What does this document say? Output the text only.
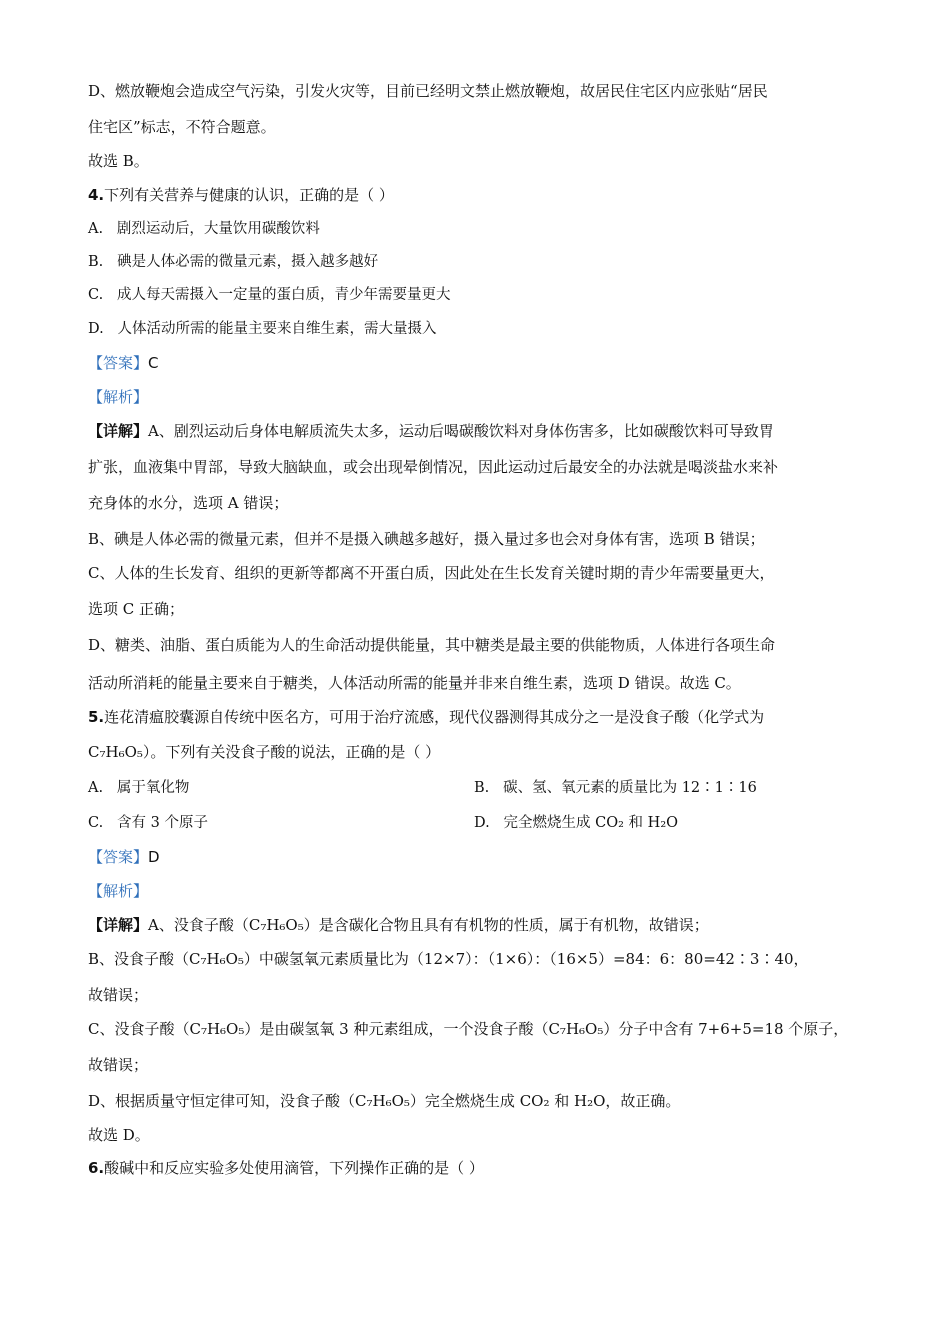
D、燃放鞭炮会造成空气污染，引发火灾等，目前已经明文禁止燃放鞭炮，故居民住宅区内应张贴“居民
住宅区”标志，不符合题意。
故选 B。
4.下列有关营养与健康的认识，正确的是（ ）
A. 剧烈运动后，大量饮用碳酸饮料
B. 碘是人体必需的微量元素，摄入越多越好
C. 成人每天需摄入一定量的蛋白质，青少年需要量更大
D. 人体活动所需的能量主要来自维生素，需大量摄入
【答案】C
【解析】
【详解】A、剧烈运动后身体电解质流失太多，运动后喝碳酸饮料对身体伤害多，比如碳酸饮料可导致胃
扩张，血液集中胃部，导致大脑缺血，或会出现晕倒情况，因此运动过后最安全的办法就是喝淡盐水来补
充身体的水分，选项 A 错误；
B、碘是人体必需的微量元素，但并不是摄入碘越多越好，摄入量过多也会对身体有害，选项 B 错误；
C、人体的生长发育、组织的更新等都离不开蛋白质，因此处在生长发育关键时期的青少年需要量更大，
选项 C 正确；
D、糖类、油脂、蛋白质能为人的生命活动提供能量，其中糖类是最主要的供能物质，人体进行各项生命
活动所消耗的能量主要来自于糖类，人体活动所需的能量并非来自维生素，选项 D 错误。故选 C。
5.连花清瘟胶囊源自传统中医名方，可用于治疗流感，现代仪器测得其成分之一是没食子酸（化学式为
C₇H₆O₅）。下列有关没食子酸的说法，正确的是（ ）
A. 属于氧化物	B. 碳、氢、氧元素的质量比为 12∶1∶16
C. 含有 3 个原子	D. 完全燃烧生成 CO₂ 和 H₂O
【答案】D
【解析】
【详解】A、没食子酸（C₇H₆O₅）是含碳化合物且具有有机物的性质，属于有机物，故错误；
B、没食子酸（C₇H₆O₅）中碳氢氧元素质量比为（12×7）：（1×6）：（16×5）=84：6：80=42∶3∶40，
故错误；
C、没食子酸（C₇H₆O₅）是由碳氢氧 3 种元素组成，一个没食子酸（C₇H₆O₅）分子中含有 7+6+5=18 个原子，
故错误；
D、根据质量守恒定律可知，没食子酸（C₇H₆O₅）完全燃烧生成 CO₂ 和 H₂O，故正确。
故选 D。
6.酸碱中和反应实验多处使用滴管，下列操作正确的是（ ）
